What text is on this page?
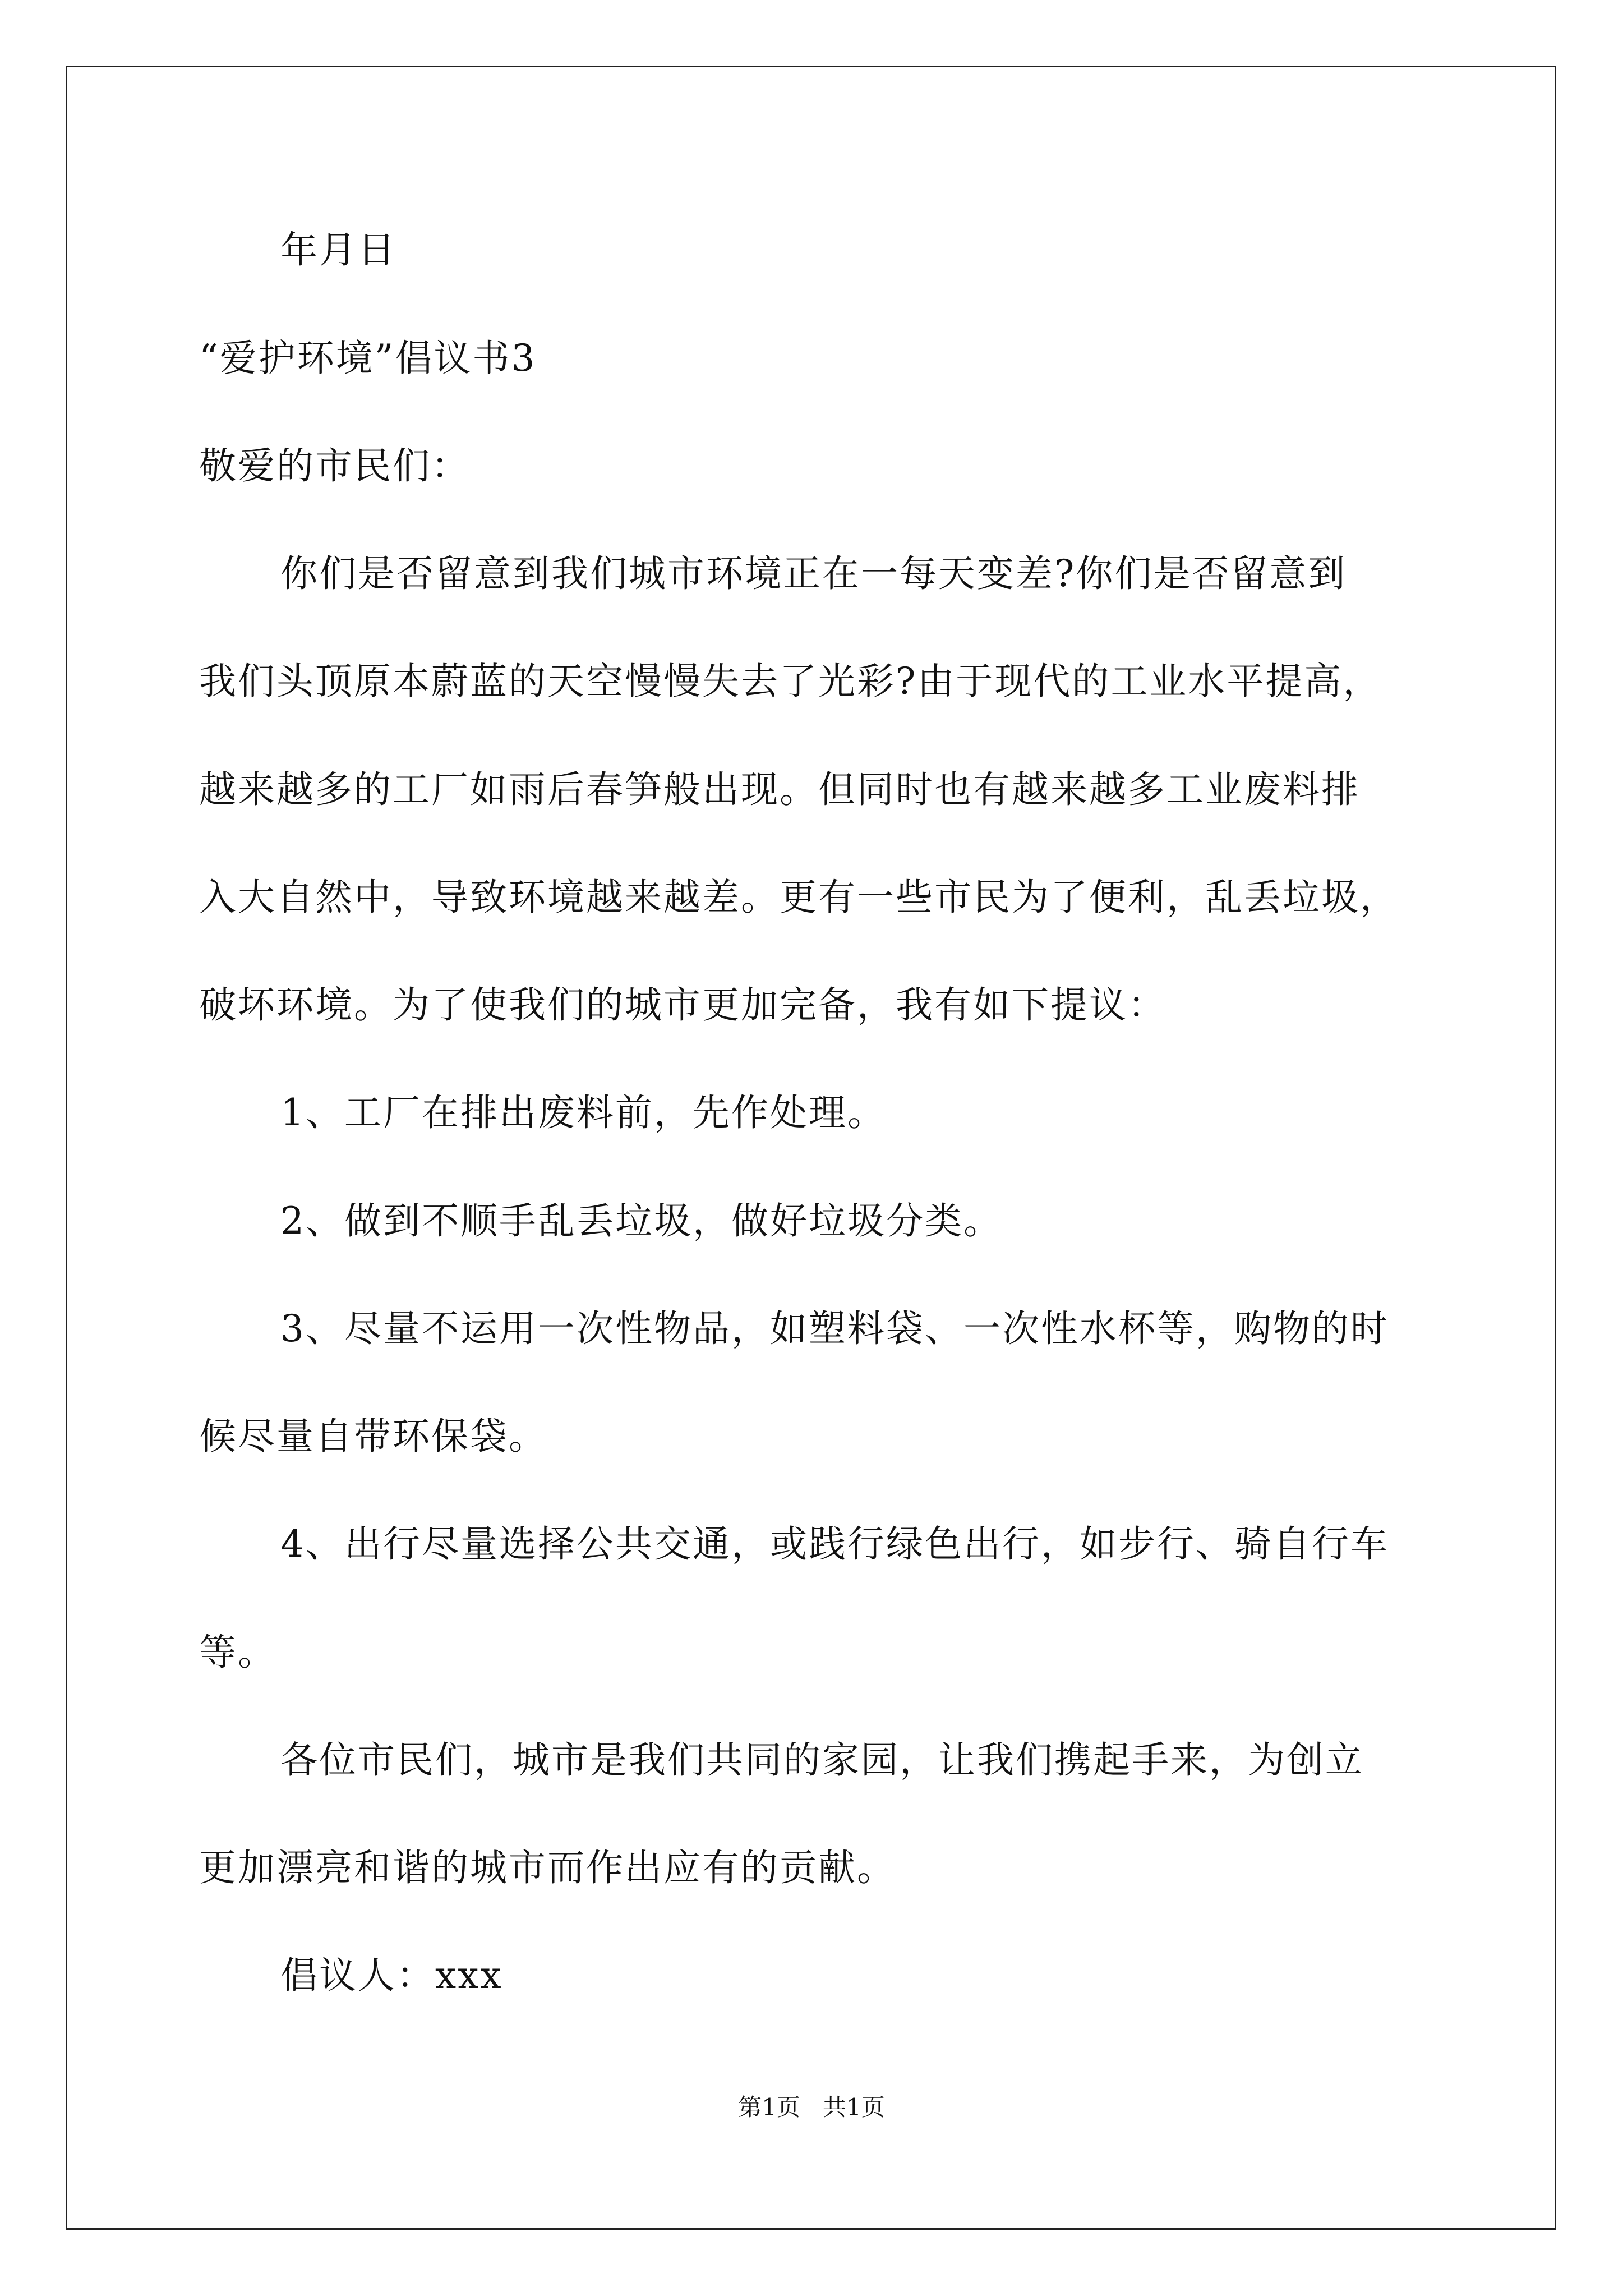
年月日
“爱护环境”倡议书3
敬爱的市民们：
你们是否留意到我们城市环境正在一每天变差?你们是否留意到
我们头顶原本蔚蓝的天空慢慢失去了光彩?由于现代的工业水平提高，
越来越多的工厂如雨后春笋般出现。但同时也有越来越多工业废料排
入大自然中，导致环境越来越差。更有一些市民为了便利，乱丢垃圾，
破坏环境。为了使我们的城市更加完备，我有如下提议：
1、工厂在排出废料前，先作处理。
2、做到不顺手乱丢垃圾，做好垃圾分类。
3、尽量不运用一次性物品，如塑料袋、一次性水杯等，购物的时
候尽量自带环保袋。
4、出行尽量选择公共交通，或践行绿色出行，如步行、骑自行车
等。
各位市民们，城市是我们共同的家园，让我们携起手来，为创立
更加漂亮和谐的城市而作出应有的贡献。
倡议人：xxx
第1页   共1页
